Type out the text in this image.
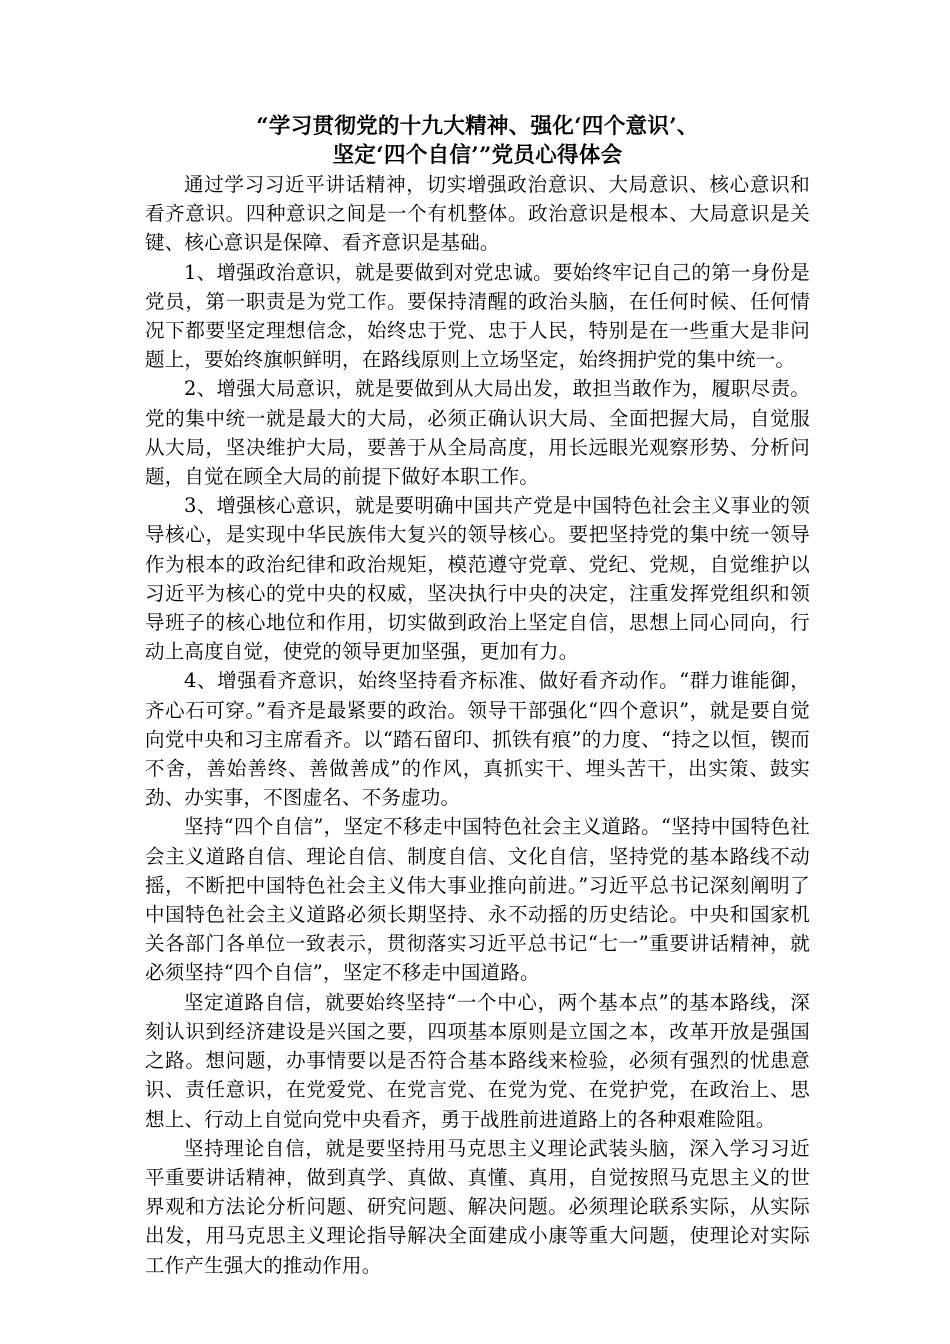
“学习贯彻党的十九大精神、强化‘四个意识’、
坚定‘四个自信’”党员心得体会

通过学习习近平讲话精神，切实增强政治意识、大局意识、核心意识和看齐意识。四种意识之间是一个有机整体。政治意识是根本、大局意识是关键、核心意识是保障、看齐意识是基础。

1、增强政治意识，就是要做到对党忠诚。要始终牢记自己的第一身份是党员，第一职责是为党工作。要保持清醒的政治头脑，在任何时候、任何情况下都要坚定理想信念，始终忠于党、忠于人民，特别是在一些重大是非问题上，要始终旗帜鲜明，在路线原则上立场坚定，始终拥护党的集中统一。

2、增强大局意识，就是要做到从大局出发，敢担当敢作为，履职尽责。党的集中统一就是最大的大局，必须正确认识大局、全面把握大局，自觉服从大局，坚决维护大局，要善于从全局高度，用长远眼光观察形势、分析问题，自觉在顾全大局的前提下做好本职工作。

3、增强核心意识，就是要明确中国共产党是中国特色社会主义事业的领导核心，是实现中华民族伟大复兴的领导核心。要把坚持党的集中统一领导作为根本的政治纪律和政治规矩，模范遵守党章、党纪、党规，自觉维护以习近平为核心的党中央的权威，坚决执行中央的决定，注重发挥党组织和领导班子的核心地位和作用，切实做到政治上坚定自信，思想上同心同向，行动上高度自觉，使党的领导更加坚强，更加有力。

4、增强看齐意识，始终坚持看齐标准、做好看齐动作。“群力谁能御，齐心石可穿。”看齐是最紧要的政治。领导干部强化“四个意识”，就是要自觉向党中央和习主席看齐。以“踏石留印、抓铁有痕”的力度、“持之以恒，锲而不舍，善始善终、善做善成”的作风，真抓实干、埋头苦干，出实策、鼓实劲、办实事，不图虚名、不务虚功。

坚持“四个自信”，坚定不移走中国特色社会主义道路。“坚持中国特色社会主义道路自信、理论自信、制度自信、文化自信，坚持党的基本路线不动摇，不断把中国特色社会主义伟大事业推向前进。”习近平总书记深刻阐明了中国特色社会主义道路必须长期坚持、永不动摇的历史结论。中央和国家机关各部门各单位一致表示，贯彻落实习近平总书记“七一”重要讲话精神，就必须坚持“四个自信”，坚定不移走中国道路。

坚定道路自信，就要始终坚持“一个中心，两个基本点”的基本路线，深刻认识到经济建设是兴国之要，四项基本原则是立国之本，改革开放是强国之路。想问题，办事情要以是否符合基本路线来检验，必须有强烈的忧患意识、责任意识，在党爱党、在党言党、在党为党、在党护党，在政治上、思想上、行动上自觉向党中央看齐，勇于战胜前进道路上的各种艰难险阻。

坚持理论自信，就是要坚持用马克思主义理论武装头脑，深入学习习近平重要讲话精神，做到真学、真做、真懂、真用，自觉按照马克思主义的世界观和方法论分析问题、研究问题、解决问题。必须理论联系实际，从实际出发，用马克思主义理论指导解决全面建成小康等重大问题，使理论对实际工作产生强大的推动作用。
